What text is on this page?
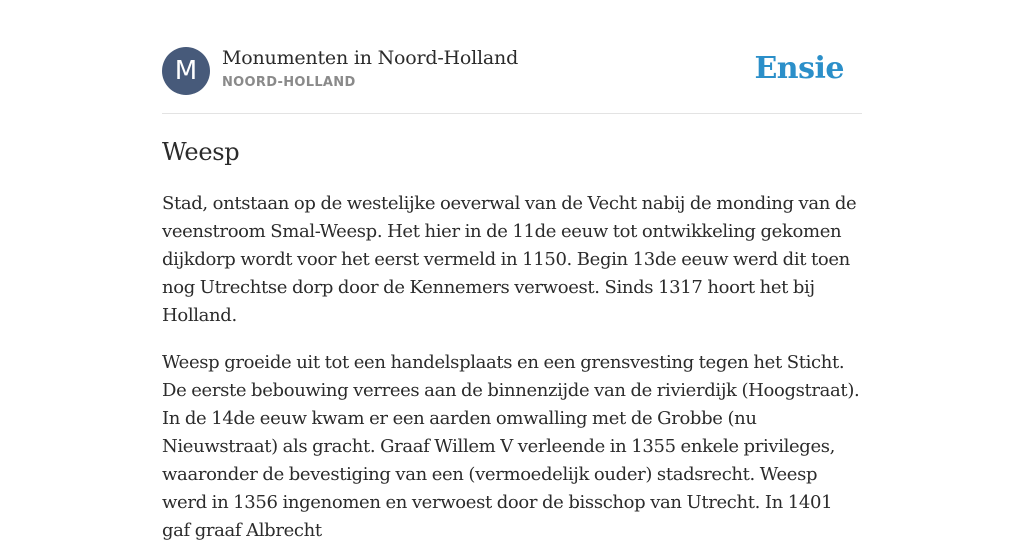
M	Monumenten in Noord-Holland
NOORD-HOLLAND	Ensie
Weesp

Stad, ontstaan op de westelijke oeverwal van de Vecht nabij de monding van de veenstroom Smal-Weesp. Het hier in de 11de eeuw tot ontwikkeling gekomen dijkdorp wordt voor het eerst vermeld in 1150. Begin 13de eeuw werd dit toen nog Utrechtse dorp door de Kennemers verwoest. Sinds 1317 hoort het bij Holland.

Weesp groeide uit tot een handelsplaats en een grensvesting tegen het Sticht. De eerste bebouwing verrees aan de binnenzijde van de rivierdijk (Hoogstraat). In de 14de eeuw kwam er een aarden omwalling met de Grobbe (nu Nieuwstraat) als gracht. Graaf Willem V verleende in 1355 enkele privileges, waaronder de bevestiging van een (vermoedelijk ouder) stadsrecht. Weesp werd in 1356 ingenomen en verwoest door de bisschop van Utrecht. In 1401 gaf graaf Albrecht
